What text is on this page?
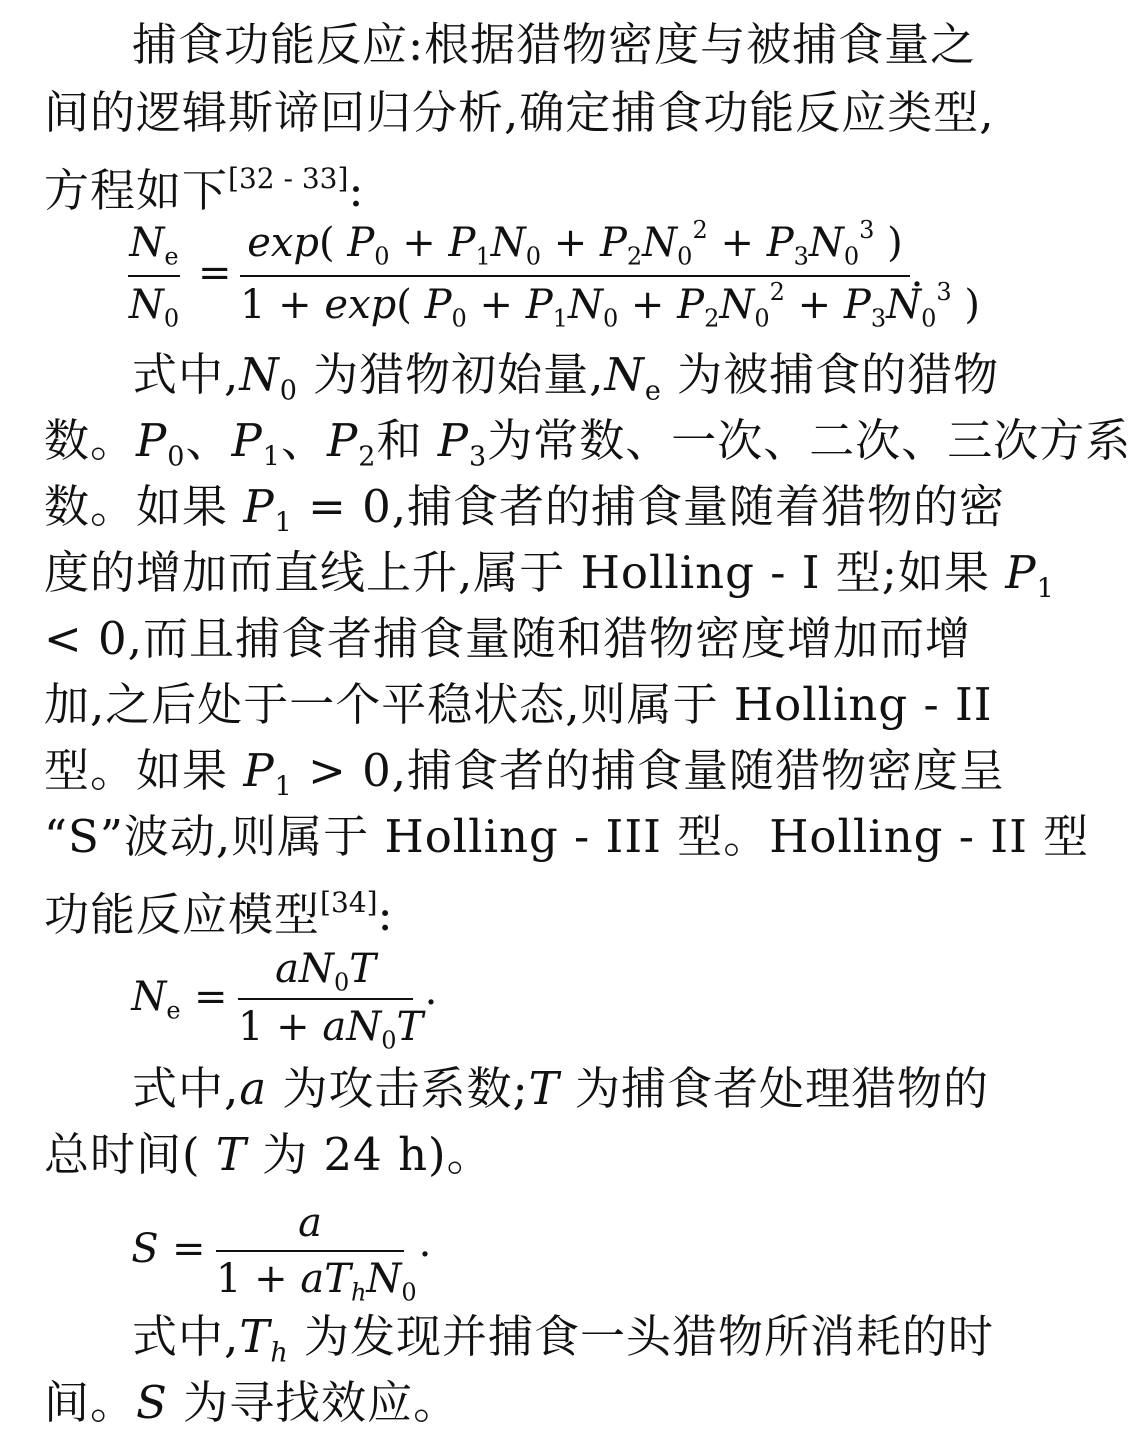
捕食功能反应:根据猎物密度与被捕食量之
间的逻辑斯谛回归分析,确定捕食功能反应类型,
方程如下[32 - 33]:
$N_e$
$N_0$
=
exp( $P_0 + P_1N_0 + P_2N_0^2 + P_3N_0^3$ )
1 + exp( $P_0 + P_1N_0 + P_2N_0^2 + P_3N_0^3$ )
.
式中$,N_0$ 为猎物初始量$,N_e$ 为被捕食的猎物
数。$P_0$、$P_1$、$P_2$和 $P_3$为常数、一次、二次、三次方系
数。如果 $P_1 = 0$,捕食者的捕食量随着猎物的密
度的增加而直线上升,属于 Holling - I 型;如果 $P_1$
< 0,而且捕食者捕食量随和猎物密度增加而增
加,之后处于一个平稳状态,则属于 Holling - II
型。如果 $P_1 > 0$,捕食者的捕食量随猎物密度呈
“S”波动,则属于 Holling - III 型。Holling - II 型
功能反应模型[34]:
$N_e$ =
$aN_0T$
$1 + aN_0T$
.
式中,a 为攻击系数;T 为捕食者处理猎物的
总时间( T 为 24 h)。
S =
a
$1 + aT_hN_0$
.
式中$,T_h$ 为发现并捕食一头猎物所消耗的时
间。S 为寻找效应。
